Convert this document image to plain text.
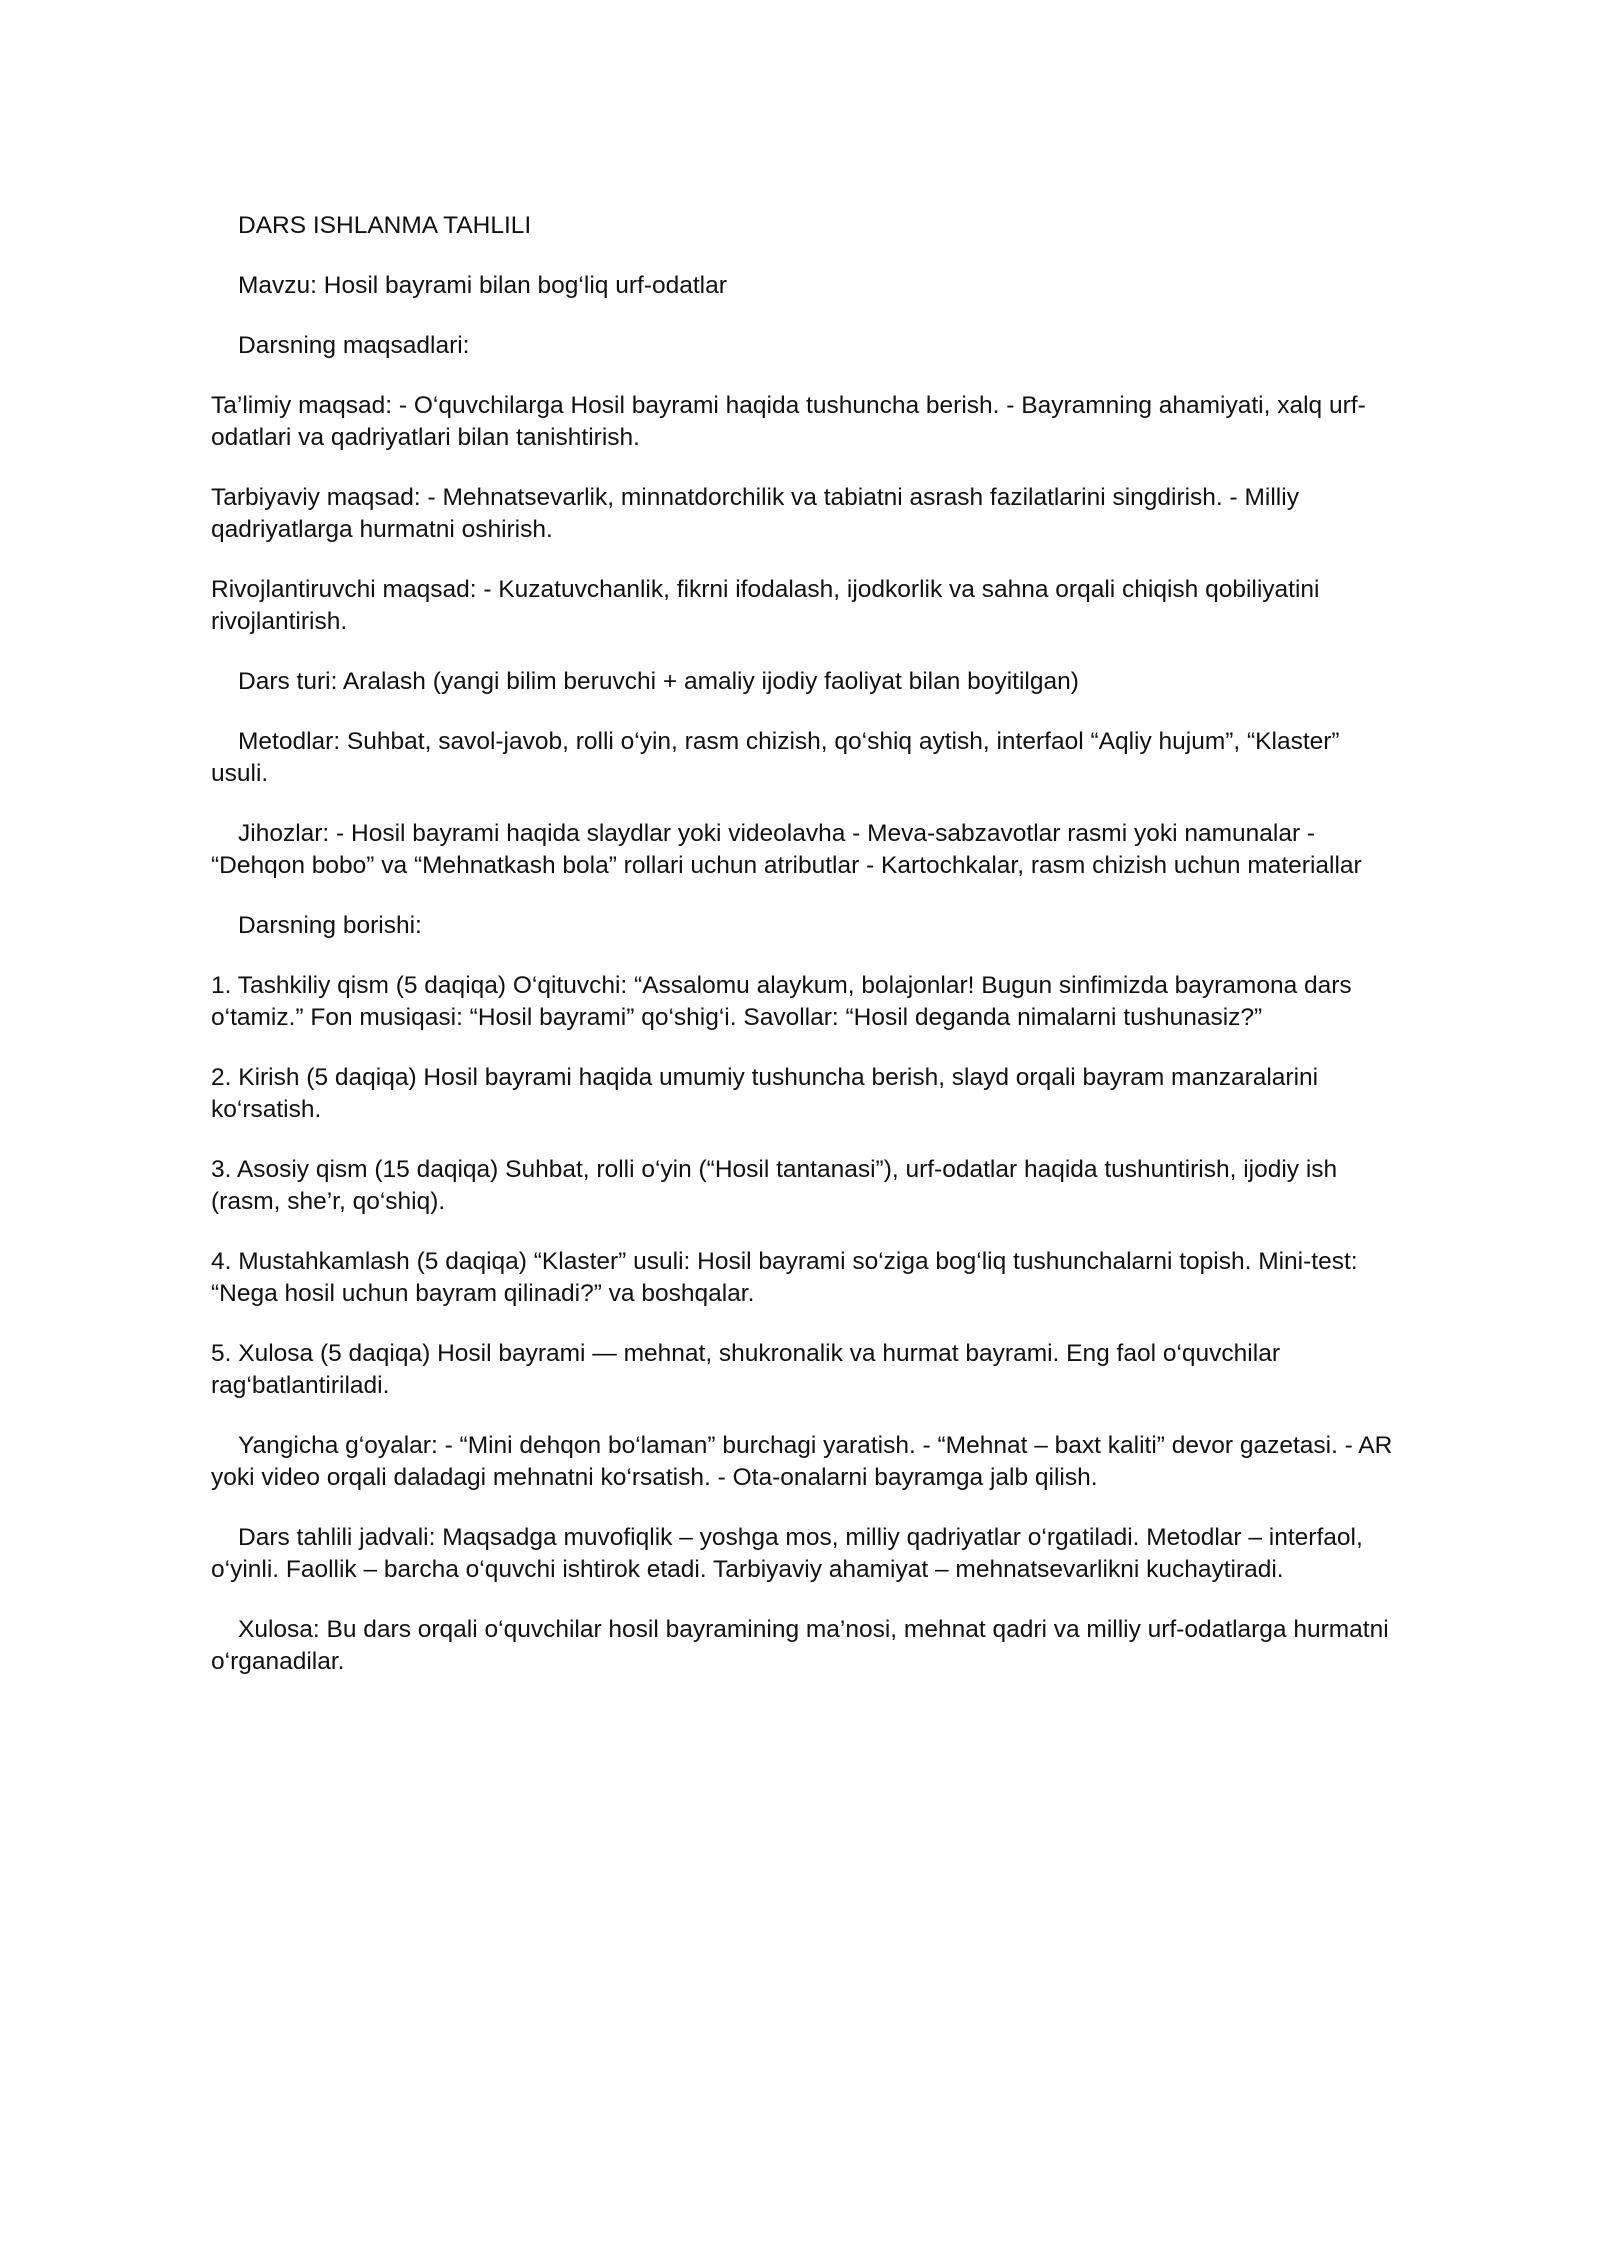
DARS ISHLANMA TAHLILI

Mavzu: Hosil bayrami bilan bog‘liq urf-odatlar

Darsning maqsadlari:

Ta’limiy maqsad: - O‘quvchilarga Hosil bayrami haqida tushuncha berish. - Bayramning ahamiyati, xalq urf-odatlari va qadriyatlari bilan tanishtirish.

Tarbiyaviy maqsad: - Mehnatsevarlik, minnatdorchilik va tabiatni asrash fazilatlarini singdirish. - Milliy qadriyatlarga hurmatni oshirish.

Rivojlantiruvchi maqsad: - Kuzatuvchanlik, fikrni ifodalash, ijodkorlik va sahna orqali chiqish qobiliyatini rivojlantirish.

Dars turi: Aralash (yangi bilim beruvchi + amaliy ijodiy faoliyat bilan boyitilgan)

Metodlar: Suhbat, savol-javob, rolli o‘yin, rasm chizish, qo‘shiq aytish, interfaol “Aqliy hujum”, “Klaster” usuli.

Jihozlar: - Hosil bayrami haqida slaydlar yoki videolavha - Meva-sabzavotlar rasmi yoki namunalar - “Dehqon bobo” va “Mehnatkash bola” rollari uchun atributlar - Kartochkalar, rasm chizish uchun materiallar

Darsning borishi:

1. Tashkiliy qism (5 daqiqa) O‘qituvchi: “Assalomu alaykum, bolajonlar! Bugun sinfimizda bayramona dars o‘tamiz.” Fon musiqasi: “Hosil bayrami” qo‘shig‘i. Savollar: “Hosil deganda nimalarni tushunasiz?”

2. Kirish (5 daqiqa) Hosil bayrami haqida umumiy tushuncha berish, slayd orqali bayram manzaralarini ko‘rsatish.

3. Asosiy qism (15 daqiqa) Suhbat, rolli o‘yin (“Hosil tantanasi”), urf-odatlar haqida tushuntirish, ijodiy ish (rasm, she’r, qo‘shiq).

4. Mustahkamlash (5 daqiqa) “Klaster” usuli: Hosil bayrami so‘ziga bog‘liq tushunchalarni topish. Mini-test: “Nega hosil uchun bayram qilinadi?” va boshqalar.

5. Xulosa (5 daqiqa) Hosil bayrami — mehnat, shukronalik va hurmat bayrami. Eng faol o‘quvchilar rag‘batlantiriladi.

Yangicha g‘oyalar: - “Mini dehqon bo‘laman” burchagi yaratish. - “Mehnat – baxt kaliti” devor gazetasi. - AR yoki video orqali daladagi mehnatni ko‘rsatish. - Ota-onalarni bayramga jalb qilish.

Dars tahlili jadvali: Maqsadga muvofiqlik – yoshga mos, milliy qadriyatlar o‘rgatiladi. Metodlar – interfaol, o‘yinli. Faollik – barcha o‘quvchi ishtirok etadi. Tarbiyaviy ahamiyat – mehnatsevarlikni kuchaytiradi.

Xulosa: Bu dars orqali o‘quvchilar hosil bayramining ma’nosi, mehnat qadri va milliy urf-odatlarga hurmatni o‘rganadilar.
